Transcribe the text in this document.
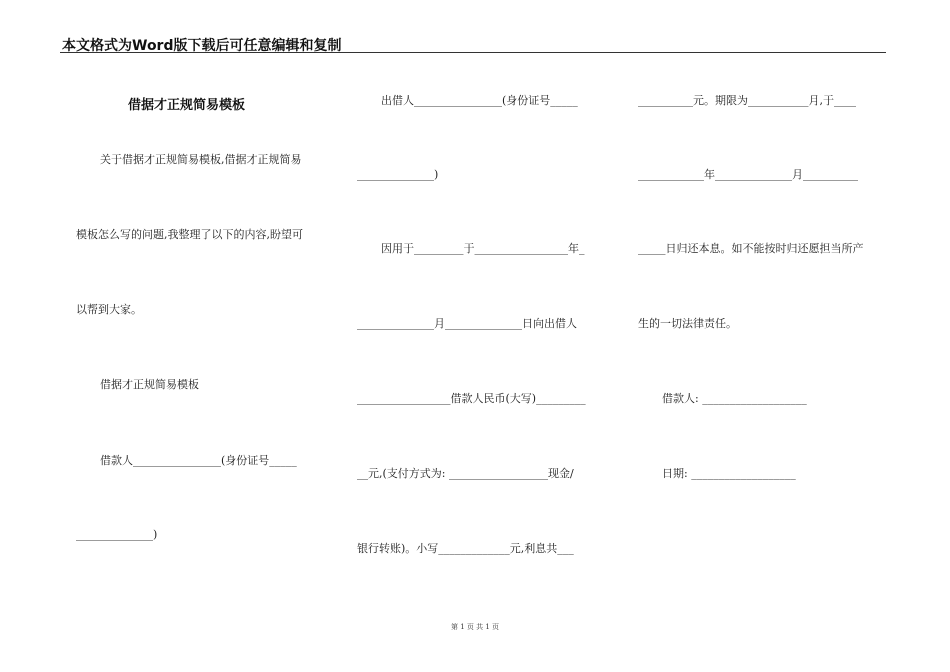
本文格式为Word版下载后可任意编辑和复制
借据才正规简易模板
关于借据才正规简易模板,借据才正规简易
模板怎么写的问题,我整理了以下的内容,盼望可
以帮到大家。
借据才正规简易模板
借款人________________(身份证号_____
______________)
出借人________________(身份证号_____
______________)
因用于_________于_________________年_
______________月______________日向出借人
_________________借款人民币(大写)_________
__元,(支付方式为: __________________现金/
银行转账)。小写_____________元,利息共___
__________元。期限为___________月,于____
____________年______________月__________
_____日归还本息。如不能按时归还愿担当所产
生的一切法律责任。
借款人: ___________________
日期: ___________________
第 1 页 共 1 页
